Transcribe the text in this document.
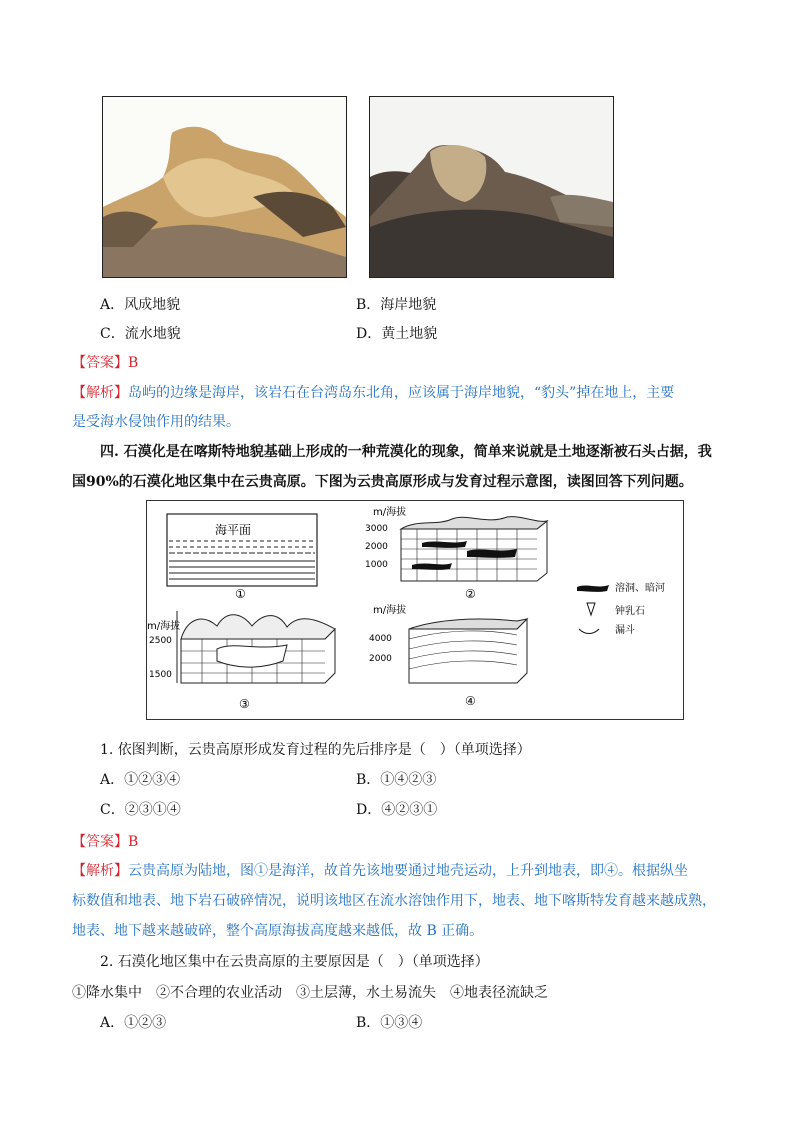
A．风成地貌	B．海岸地貌
C．流水地貌	D．黄土地貌
【答案】B
【解析】岛屿的边缘是海岸，该岩石在台湾岛东北角，应该属于海岸地貌，“豹头”掉在地上，主要
是受海水侵蚀作用的结果。
四. 石漠化是在喀斯特地貌基础上形成的一种荒漠化的现象，简单来说就是土地逐渐被石头占据，我
国90%的石漠化地区集中在云贵高原。下图为云贵高原形成与发育过程示意图，读图回答下列问题。
海平面
①
m/海拔
3000
2000
1000
②	溶洞、暗河
钟乳石
漏斗
m/海拔
2500
1500
③
m/海拔
4000
2000
④
1. 依图判断，云贵高原形成发育过程的先后排序是（　）（单项选择）
A．①②③④	B．①④②③
C．②③①④	D．④②③①
【答案】B
【解析】云贵高原为陆地，图①是海洋，故首先该地要通过地壳运动，上升到地表，即④。根据纵坐
标数值和地表、地下岩石破碎情况，说明该地区在流水溶蚀作用下，地表、地下喀斯特发育越来越成熟，
地表、地下越来越破碎，整个高原海拔高度越来越低，故 B 正确。
2. 石漠化地区集中在云贵高原的主要原因是（　）（单项选择）
①降水集中　②不合理的农业活动　③土层薄，水土易流失　④地表径流缺乏
A．①②③	B．①③④
